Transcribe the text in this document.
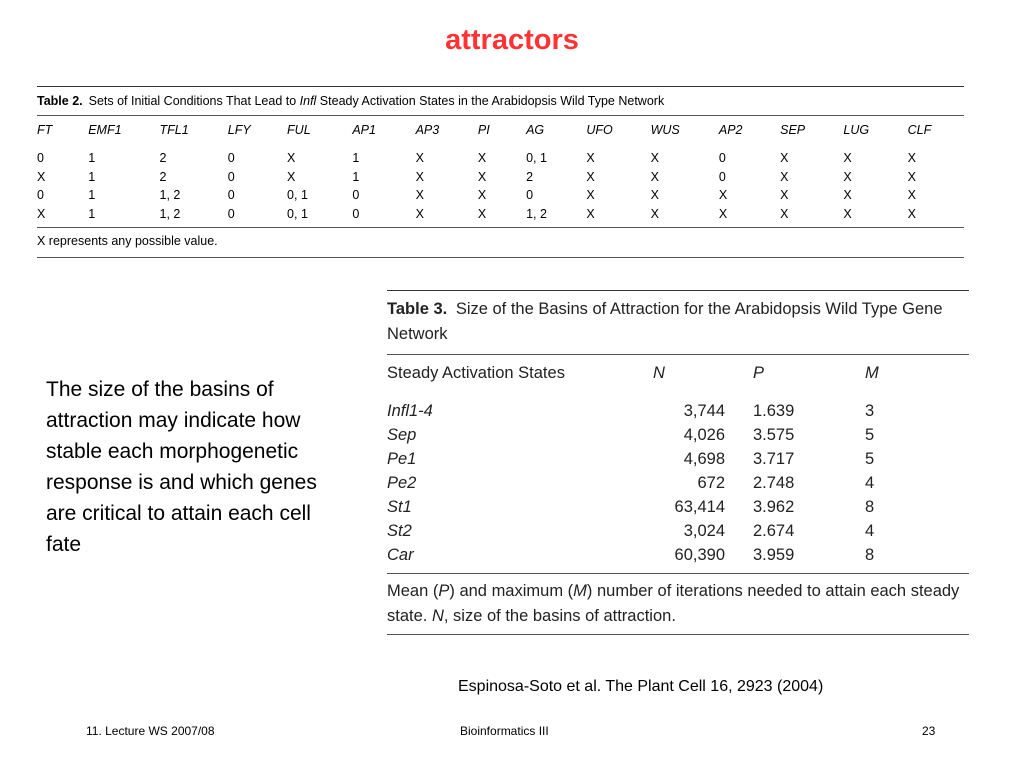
attractors
Table 2. Sets of Initial Conditions That Lead to Infl Steady Activation States in the Arabidopsis Wild Type Network
FT	EMF1	TFL1	LFY	FUL	AP1	AP3	PI	AG	UFO	WUS	AP2	SEP	LUG	CLF
0	1	2	0	X	1	X	X	0, 1	X	X	0	X	X	X
X	1	2	0	X	1	X	X	2	X	X	0	X	X	X
0	1	1, 2	0	0, 1	0	X	X	0	X	X	X	X	X	X
X	1	1, 2	0	0, 1	0	X	X	1, 2	X	X	X	X	X	X
X represents any possible value.
Table 3. Size of the Basins of Attraction for the Arabidopsis Wild Type Gene Network
Steady Activation States	N	P	M
Infl1-4	3,744	1.639	3
Sep	4,026	3.575	5
Pe1	4,698	3.717	5
Pe2	672	2.748	4
St1	63,414	3.962	8
St2	3,024	2.674	4
Car	60,390	3.959	8
Mean (P) and maximum (M) number of iterations needed to attain each steady state. N, size of the basins of attraction.
The size of the basins of attraction may indicate how stable each morphogenetic response is and which genes are critical to attain each cell fate
Espinosa-Soto et al. The Plant Cell 16, 2923 (2004)
11. Lecture WS 2007/08	Bioinformatics III	23
